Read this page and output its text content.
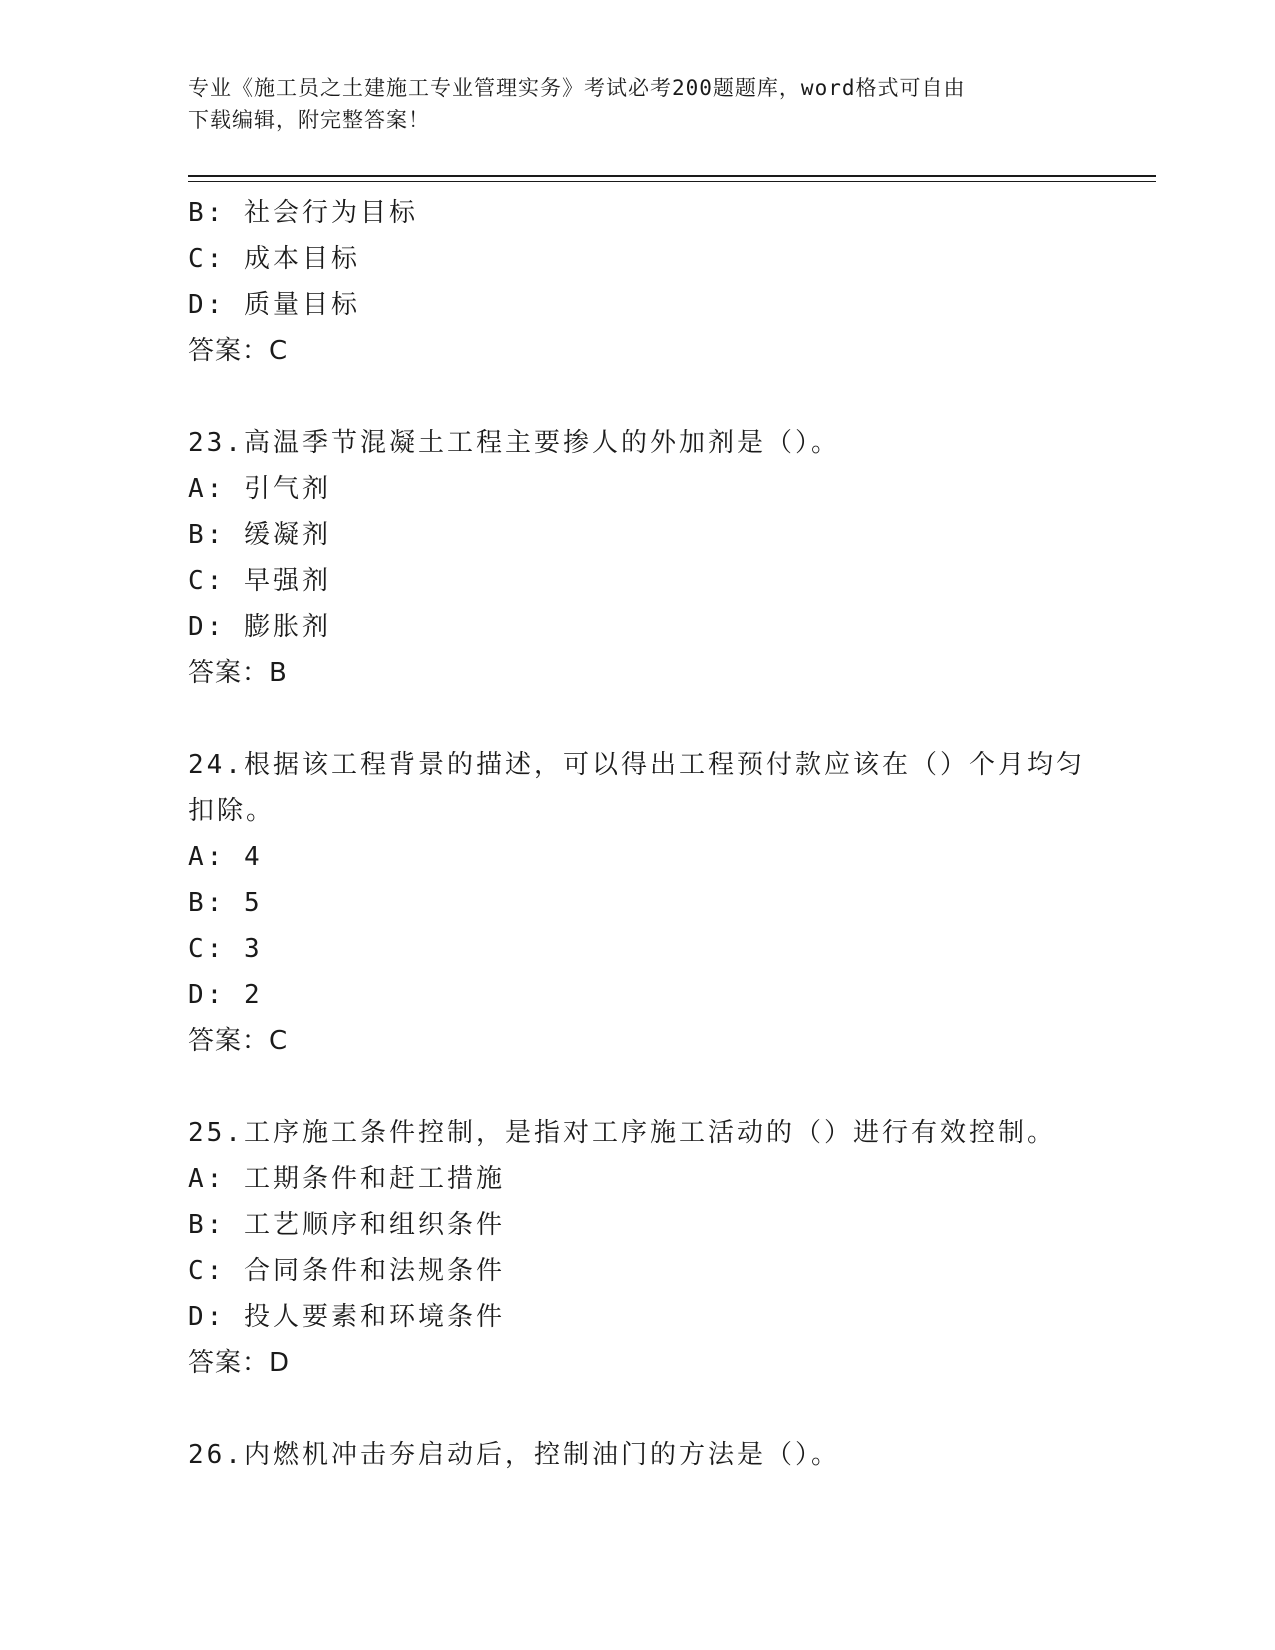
专业《施工员之土建施工专业管理实务》考试必考200题题库，word格式可自由
下载编辑，附完整答案！
B: 社会行为目标
C: 成本目标
D: 质量目标
答案：C
23.高温季节混凝土工程主要掺人的外加剂是（）。
A: 引气剂
B: 缓凝剂
C: 早强剂
D: 膨胀剂
答案：B
24.根据该工程背景的描述，可以得出工程预付款应该在（）个月均匀
扣除。
A: 4
B: 5
C: 3
D: 2
答案：C
25.工序施工条件控制，是指对工序施工活动的（）进行有效控制。
A: 工期条件和赶工措施
B: 工艺顺序和组织条件
C: 合同条件和法规条件
D: 投人要素和环境条件
答案：D
26.内燃机冲击夯启动后，控制油门的方法是（）。
